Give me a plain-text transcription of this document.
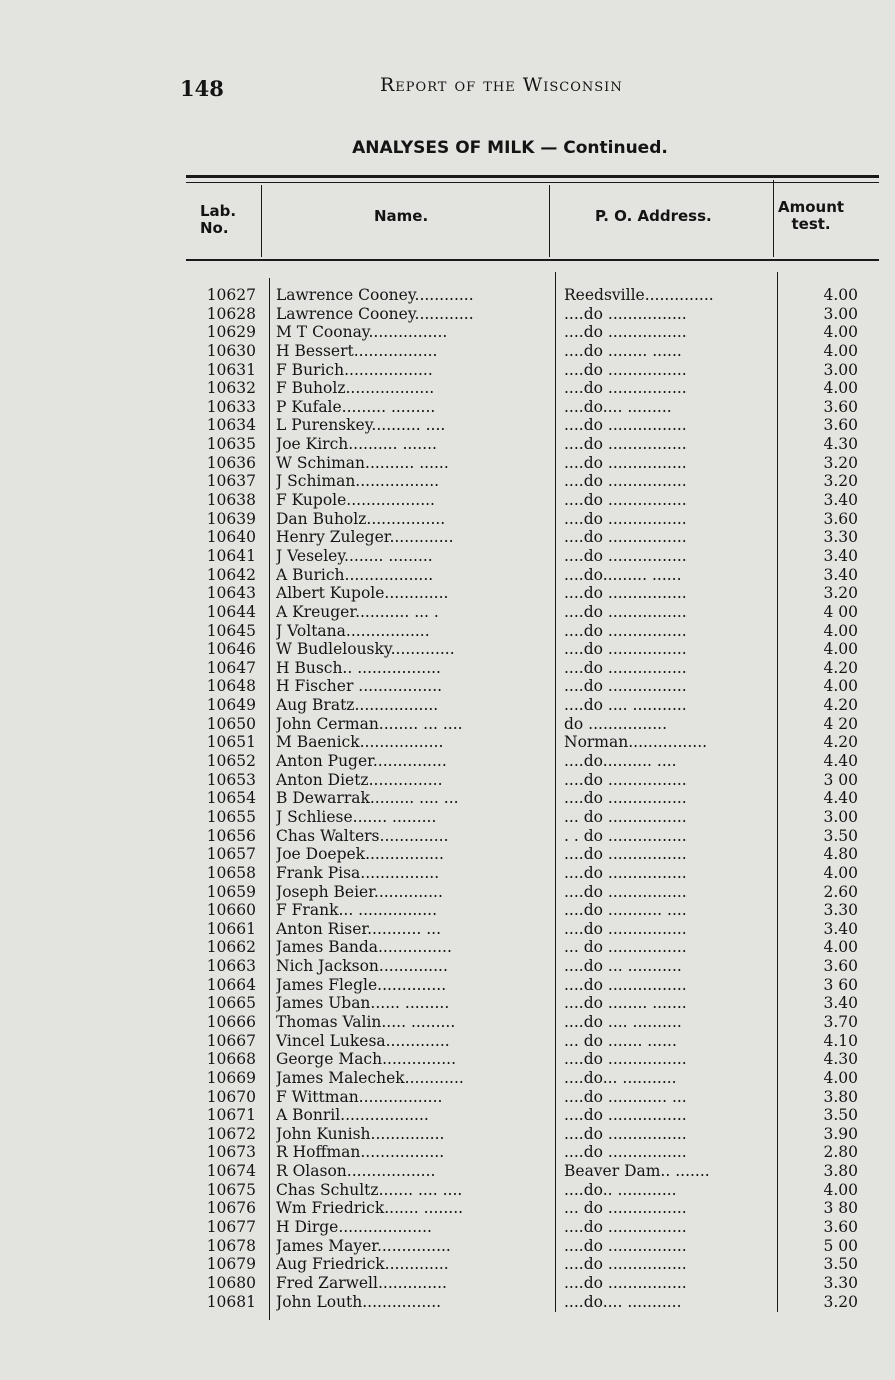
148	Report of the Wisconsin
ANALYSES OF MILK — Continued.
Lab.
No.
Name.	P. O. Address.	Amount
test.
10627 Lawrence Cooney............	Reedsville..............	4.00
10628 Lawrence Cooney............	....do ................	3.00
10629 M T Coonay................	....do ................	4.00
10630 H Bessert.................	....do ........ ......	4.00
10631 F Burich..................	....do ................	3.00
10632 F Buholz..................	....do ................	4.00
10633 P Kufale......... .........	....do.... .........	3.60
10634 L Purenskey.......... ....	....do ................	3.60
10635 Joe Kirch.......... .......	....do ................	4.30
10636 W Schiman.......... ......	....do ................	3.20
10637 J Schiman.................	....do ................	3.20
10638 F Kupole..................	....do ................	3.40
10639 Dan Buholz................	....do ................	3.60
10640 Henry Zuleger.............	....do ................	3.30
10641 J Veseley........ .........	....do ................	3.40
10642 A Burich..................	....do......... ......	3.40
10643 Albert Kupole.............	....do ................	3.20
10644 A Kreuger........... ... .	....do ................	4 00
10645 J Voltana.................	....do ................	4.00
10646 W Budlelousky.............	....do ................	4.00
10647 H Busch.. .................	....do ................	4.20
10648 H Fischer .................	....do ................	4.00
10649 Aug Bratz.................	....do .... ...........	4.20
10650 John Cerman........ ... ....	do ................	4 20
10651 M Baenick.................	Norman................	4.20
10652 Anton Puger...............	....do.......... ....	4.40
10653 Anton Dietz...............	....do ................	3 00
10654 B Dewarrak......... .... ...	....do ................	4.40
10655 J Schliese....... .........	... do ................	3.00
10656 Chas Walters..............	. . do ................	3.50
10657 Joe Doepek................	....do ................	4.80
10658 Frank Pisa................	....do ................	4.00
10659 Joseph Beier..............	....do ................	2.60
10660 F Frank... ................	....do ........... ....	3.30
10661 Anton Riser........... ...	....do ................	3.40
10662 James Banda...............	... do ................	4.00
10663 Nich Jackson..............	....do ... ...........	3.60
10664 James Flegle..............	....do ................	3 60
10665 James Uban...... .........	....do ........ .......	3.40
10666 Thomas Valin..... .........	....do .... ..........	3.70
10667 Vincel Lukesa.............	... do ....... ......	4.10
10668 George Mach...............	....do ................	4.30
10669 James Malechek............	....do... ...........	4.00
10670 F Wittman.................	....do ............ ...	3.80
10671 A Bonril..................	....do ................	3.50
10672 John Kunish...............	....do ................	3.90
10673 R Hoffman.................	....do ................	2.80
10674 R Olason..................	Beaver Dam.. .......	3.80
10675 Chas Schultz....... .... ....	....do.. ............	4.00
10676 Wm Friedrick....... ........	... do ................	3 80
10677 H Dirge...................	....do ................	3.60
10678 James Mayer...............	....do ................	5 00
10679 Aug Friedrick.............	....do ................	3.50
10680 Fred Zarwell..............	....do ................	3.30
10681 John Louth................	....do.... ...........	3.20
